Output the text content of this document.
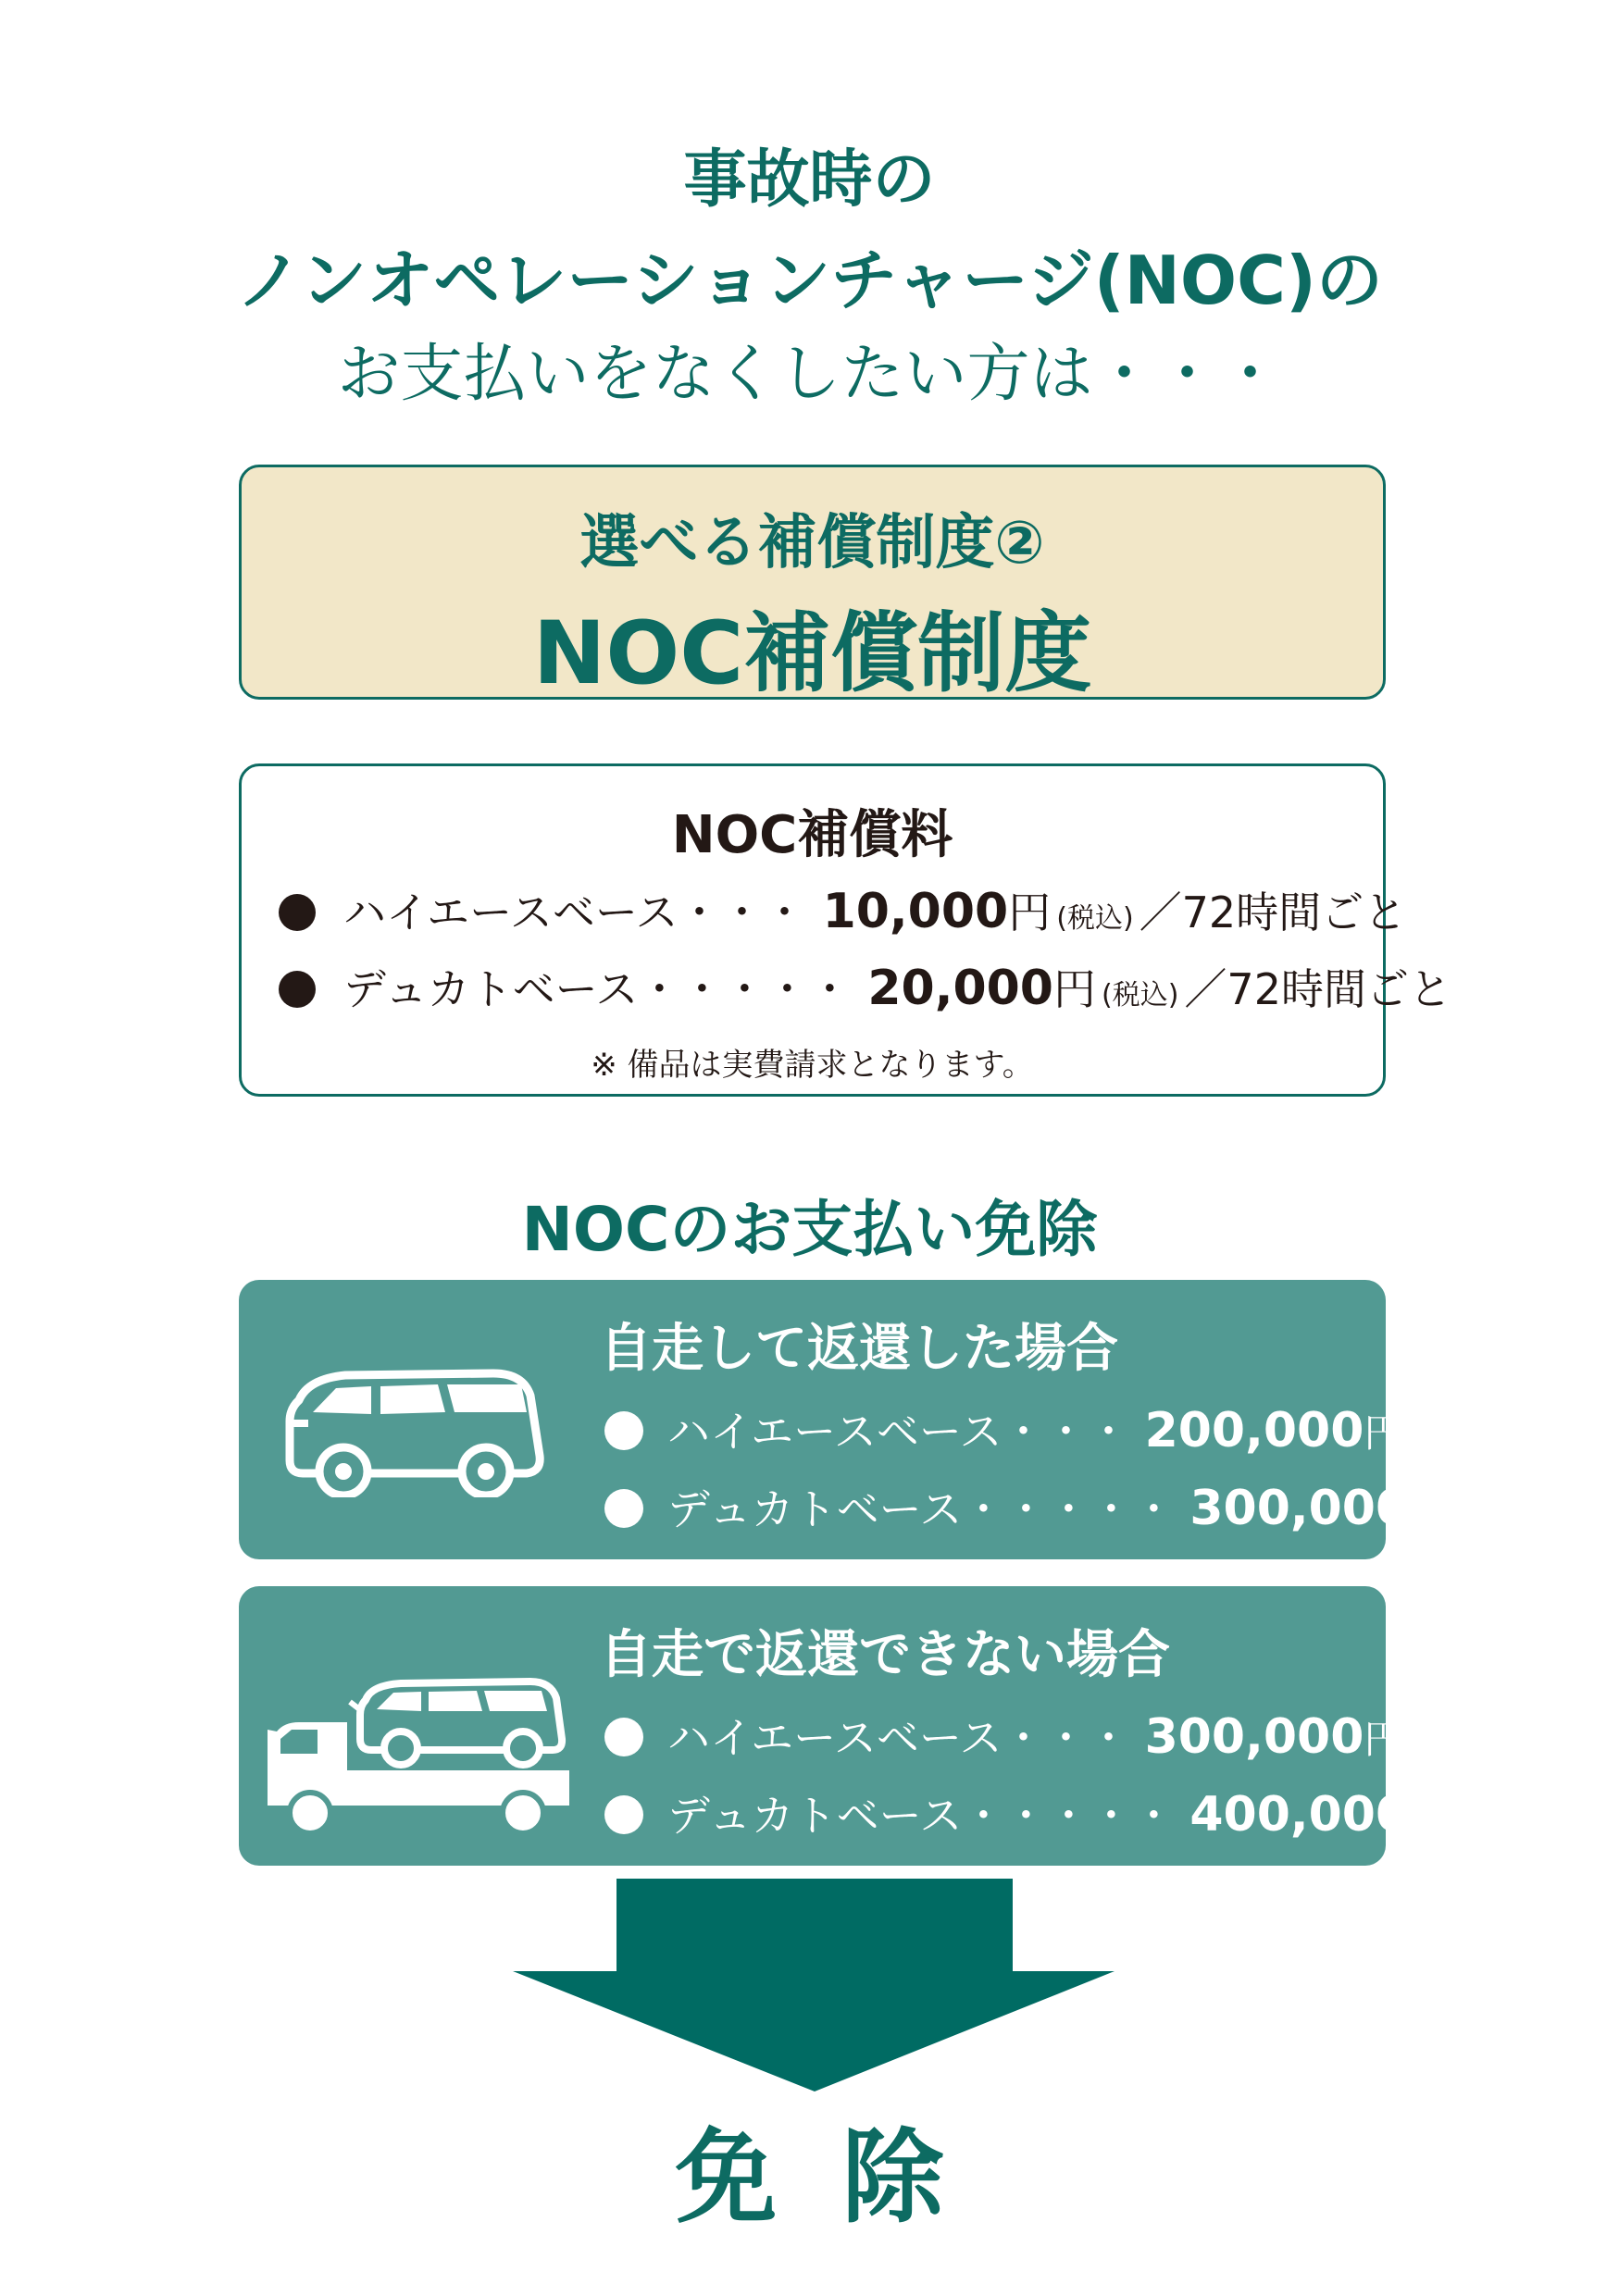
事故時の
ノンオペレーションチャージ(NOC)の
お支払いをなくしたい方は・・・
選べる補償制度②
NOC補償制度
NOC補償料
ハイエースベース・・・ 10,000 円 (税込) ／72時間ごと
デュカトベース・・・・・ 20,000 円 (税込) ／72時間ごと
※ 備品は実費請求となります。
NOCのお支払い免除
自走して返還した場合
ハイエースベース・・・ 200,000 円
デュカトベース・・・・・ 300,000 円
自走で返還できない場合
ハイエースベース・・・ 300,000 円
デュカトベース・・・・・ 400,000 円
免除
